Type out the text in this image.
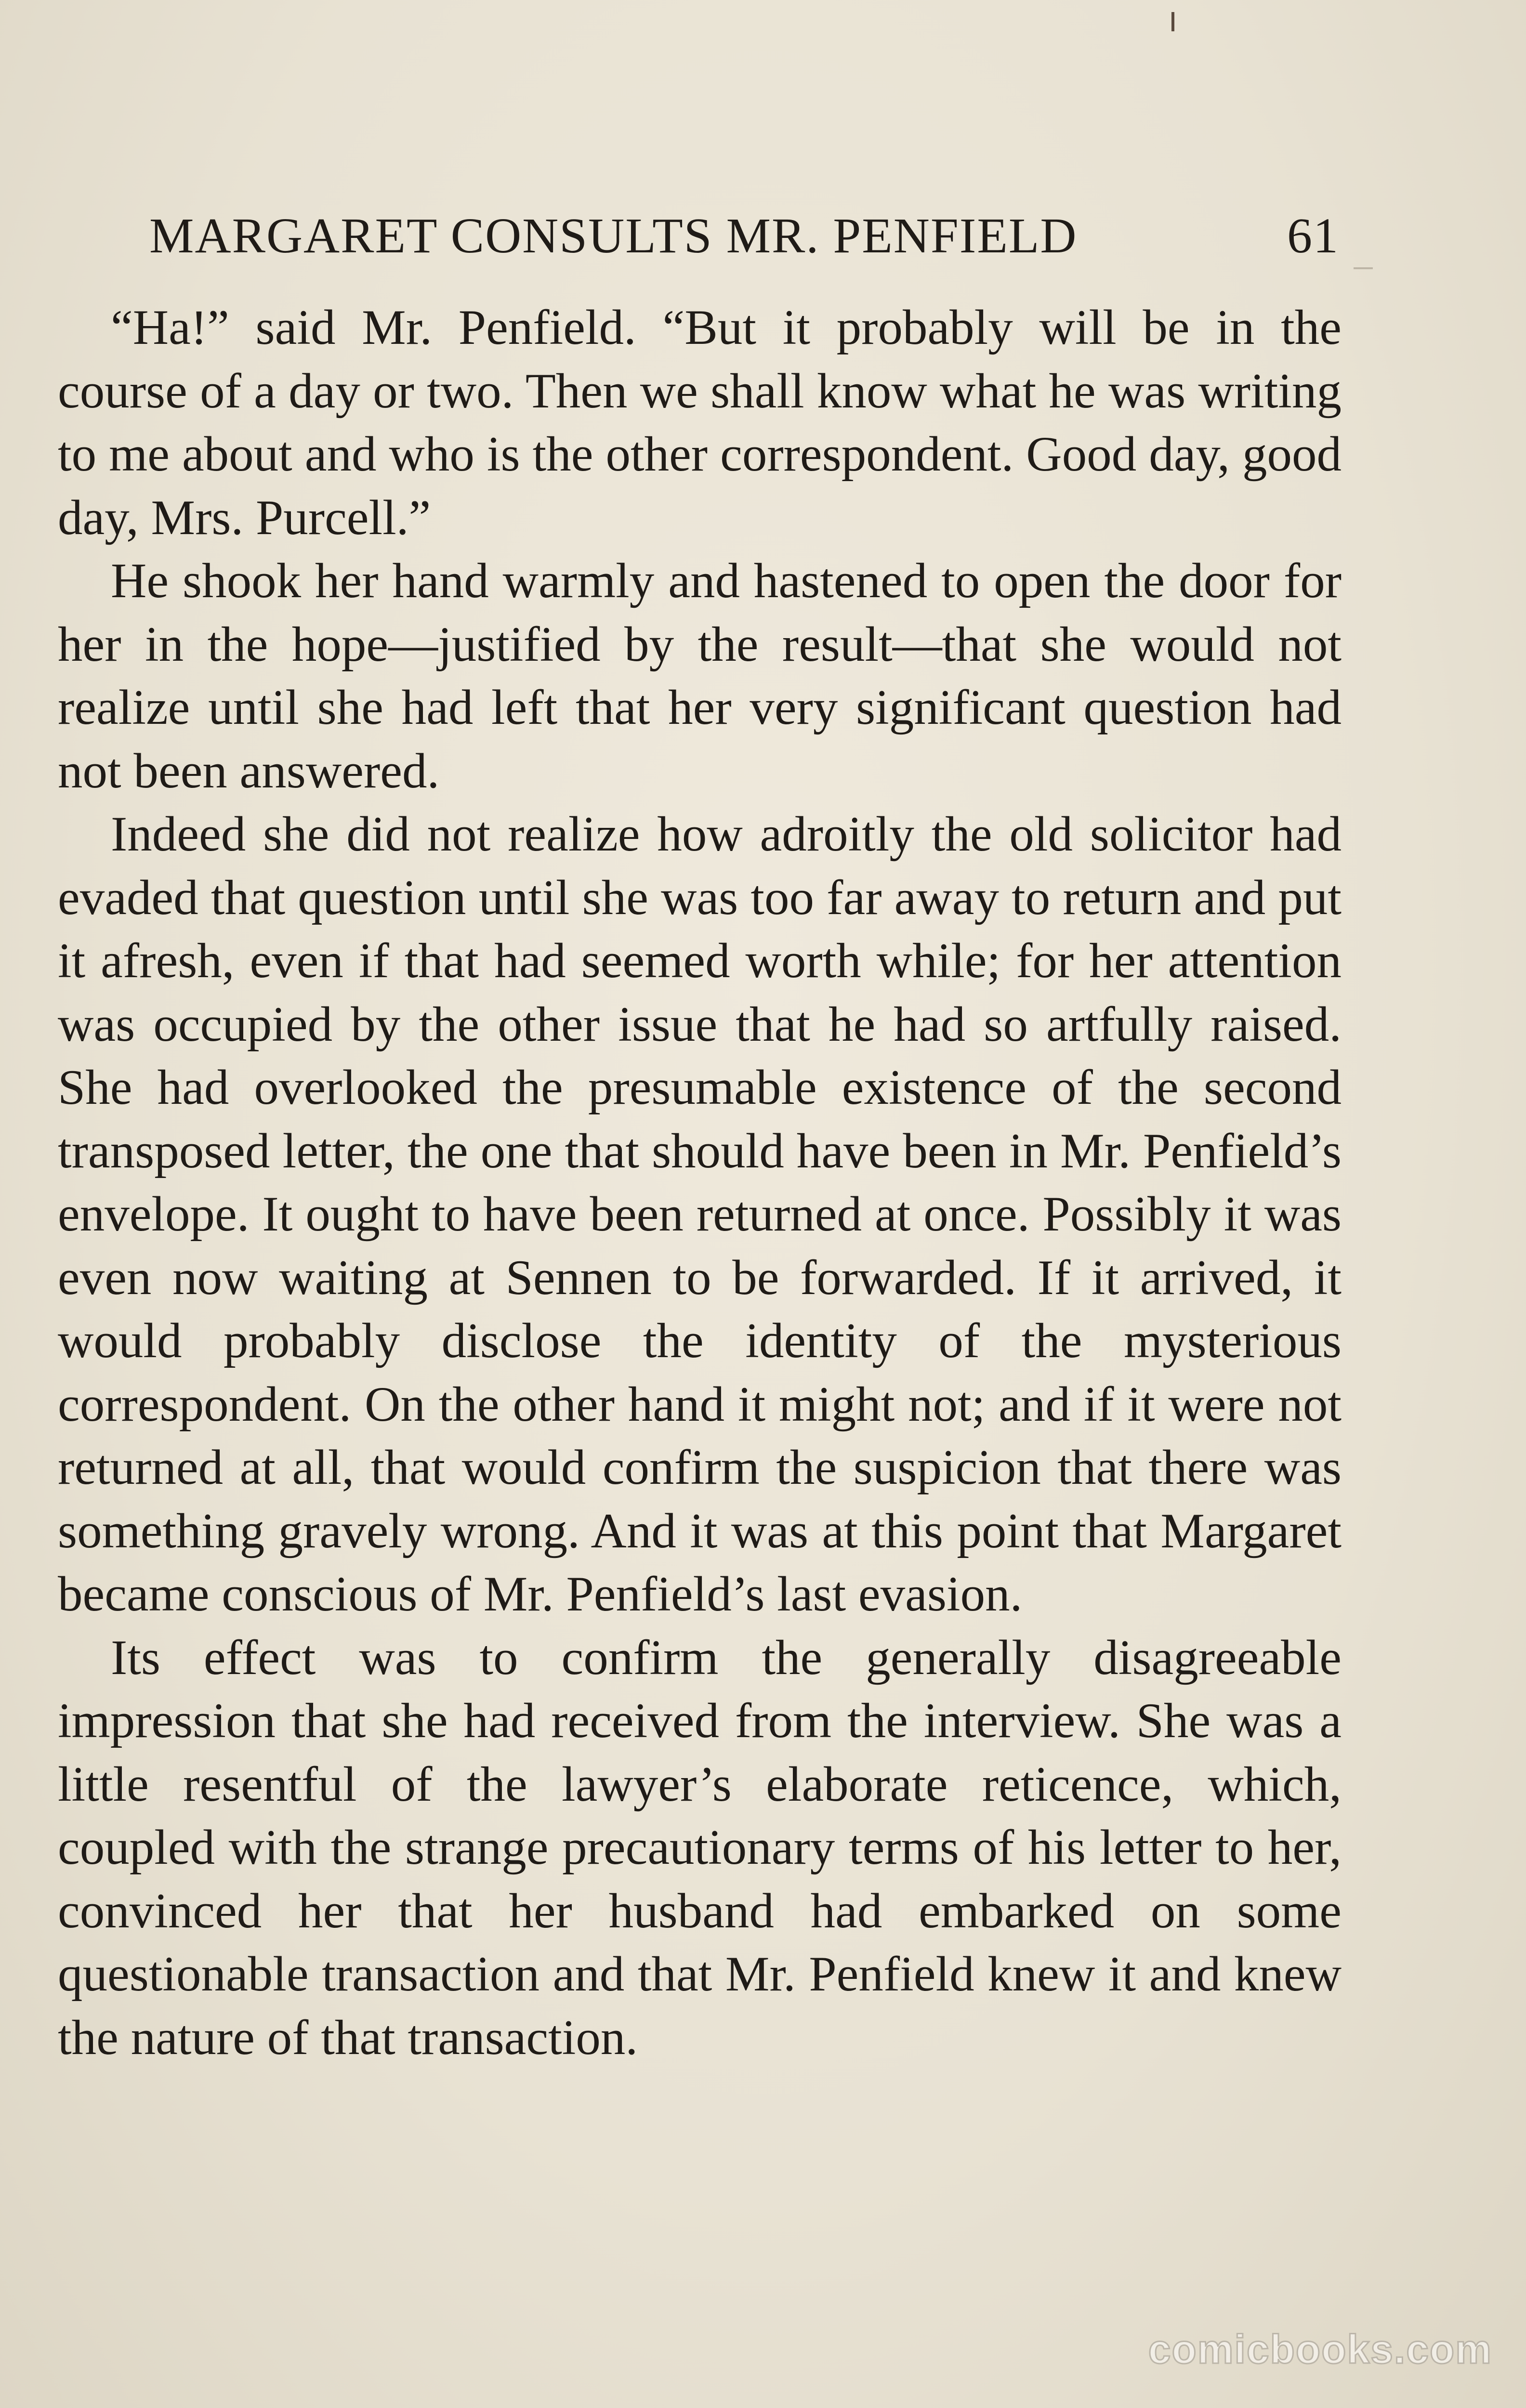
MARGARET CONSULTS MR. PENFIELD	61

“Ha!” said Mr. Penfield. “But it probably will be in the course of a day or two. Then we shall know what he was writing to me about and who is the other correspondent. Good day, good day, Mrs. Purcell.”

He shook her hand warmly and hastened to open the door for her in the hope—justified by the result—that she would not realize until she had left that her very significant question had not been answered.

Indeed she did not realize how adroitly the old solicitor had evaded that question until she was too far away to return and put it afresh, even if that had seemed worth while; for her attention was occupied by the other issue that he had so artfully raised. She had overlooked the presumable existence of the second transposed letter, the one that should have been in Mr. Penfield’s envelope. It ought to have been returned at once. Possibly it was even now waiting at Sennen to be forwarded. If it arrived, it would probably disclose the identity of the mysterious correspondent. On the other hand it might not; and if it were not returned at all, that would confirm the suspicion that there was something gravely wrong. And it was at this point that Margaret became conscious of Mr. Penfield’s last evasion.

Its effect was to confirm the generally disagreeable impression that she had received from the interview. She was a little resentful of the lawyer’s elaborate reticence, which, coupled with the strange precautionary terms of his letter to her, convinced her that her husband had embarked on some questionable transaction and that Mr. Penfield knew it and knew the nature of that transaction.

comicbooks.com
